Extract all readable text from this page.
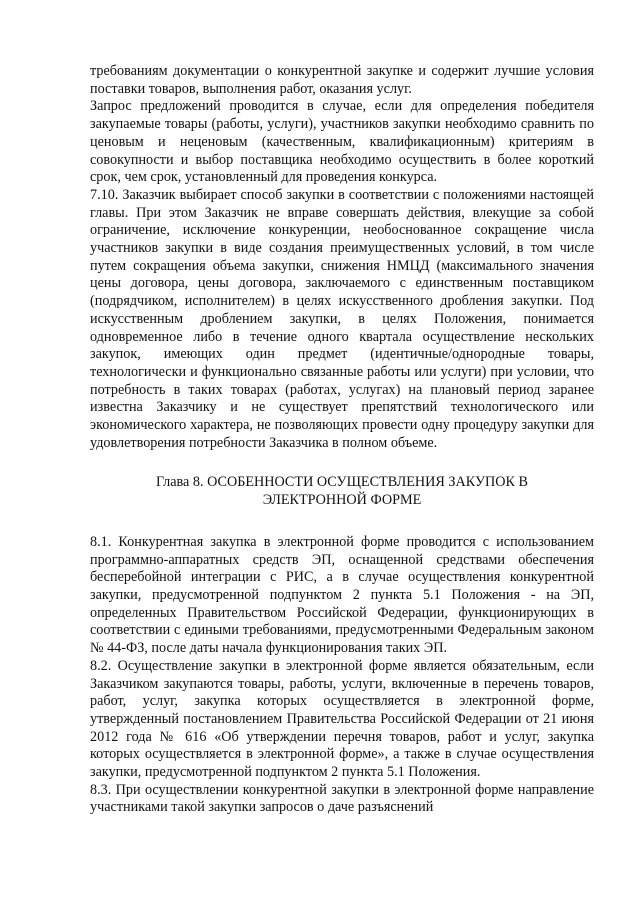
требованиям документации о конкурентной закупке и содержит лучшие условия поставки товаров, выполнения работ, оказания услуг.

Запрос предложений проводится в случае, если для определения победителя закупаемые товары (работы, услуги), участников закупки необходимо сравнить по ценовым и неценовым (качественным, квалификационным) критериям в совокупности и выбор поставщика необходимо осуществить в более короткий срок, чем срок, установленный для проведения конкурса.

7.10. Заказчик выбирает способ закупки в соответствии с положениями настоящей главы. При этом Заказчик не вправе совершать действия, влекущие за собой ограничение, исключение конкуренции, необоснованное сокращение числа участников закупки в виде создания преимущественных условий, в том числе путем сокращения объема закупки, снижения НМЦД (максимального значения цены договора, цены договора, заключаемого с единственным поставщиком (подрядчиком, исполнителем) в целях искусственного дробления закупки. Под искусственным дроблением закупки, в целях Положения, понимается одновременное либо в течение одного квартала осуществление нескольких закупок, имеющих один предмет (идентичные/однородные товары, технологически и функционально связанные работы или услуги) при условии, что потребность в таких товарах (работах, услугах) на плановый период заранее известна Заказчику и не существует препятствий технологического или экономического характера, не позволяющих провести одну процедуру закупки для удовлетворения потребности Заказчика в полном объеме.

Глава 8. ОСОБЕННОСТИ ОСУЩЕСТВЛЕНИЯ ЗАКУПОК В
ЭЛЕКТРОННОЙ ФОРМЕ

8.1. Конкурентная закупка в электронной форме проводится с использованием программно-аппаратных средств ЭП, оснащенной средствами обеспечения бесперебойной интеграции с РИС, а в случае осуществления конкурентной закупки, предусмотренной подпунктом 2 пункта 5.1 Положения - на ЭП, определенных Правительством Российской Федерации, функционирующих в соответствии с едиными требованиями, предусмотренными Федеральным законом № 44-ФЗ, после даты начала функционирования таких ЭП.

8.2. Осуществление закупки в электронной форме является обязательным, если Заказчиком закупаются товары, работы, услуги, включенные в перечень товаров, работ, услуг, закупка которых осуществляется в электронной форме, утвержденный постановлением Правительства Российской Федерации от 21 июня 2012 года № 616 «Об утверждении перечня товаров, работ и услуг, закупка которых осуществляется в электронной форме», а также в случае осуществления закупки, предусмотренной подпунктом 2 пункта 5.1 Положения.

8.3. При осуществлении конкурентной закупки в электронной форме направление участниками такой закупки запросов о даче разъяснений
